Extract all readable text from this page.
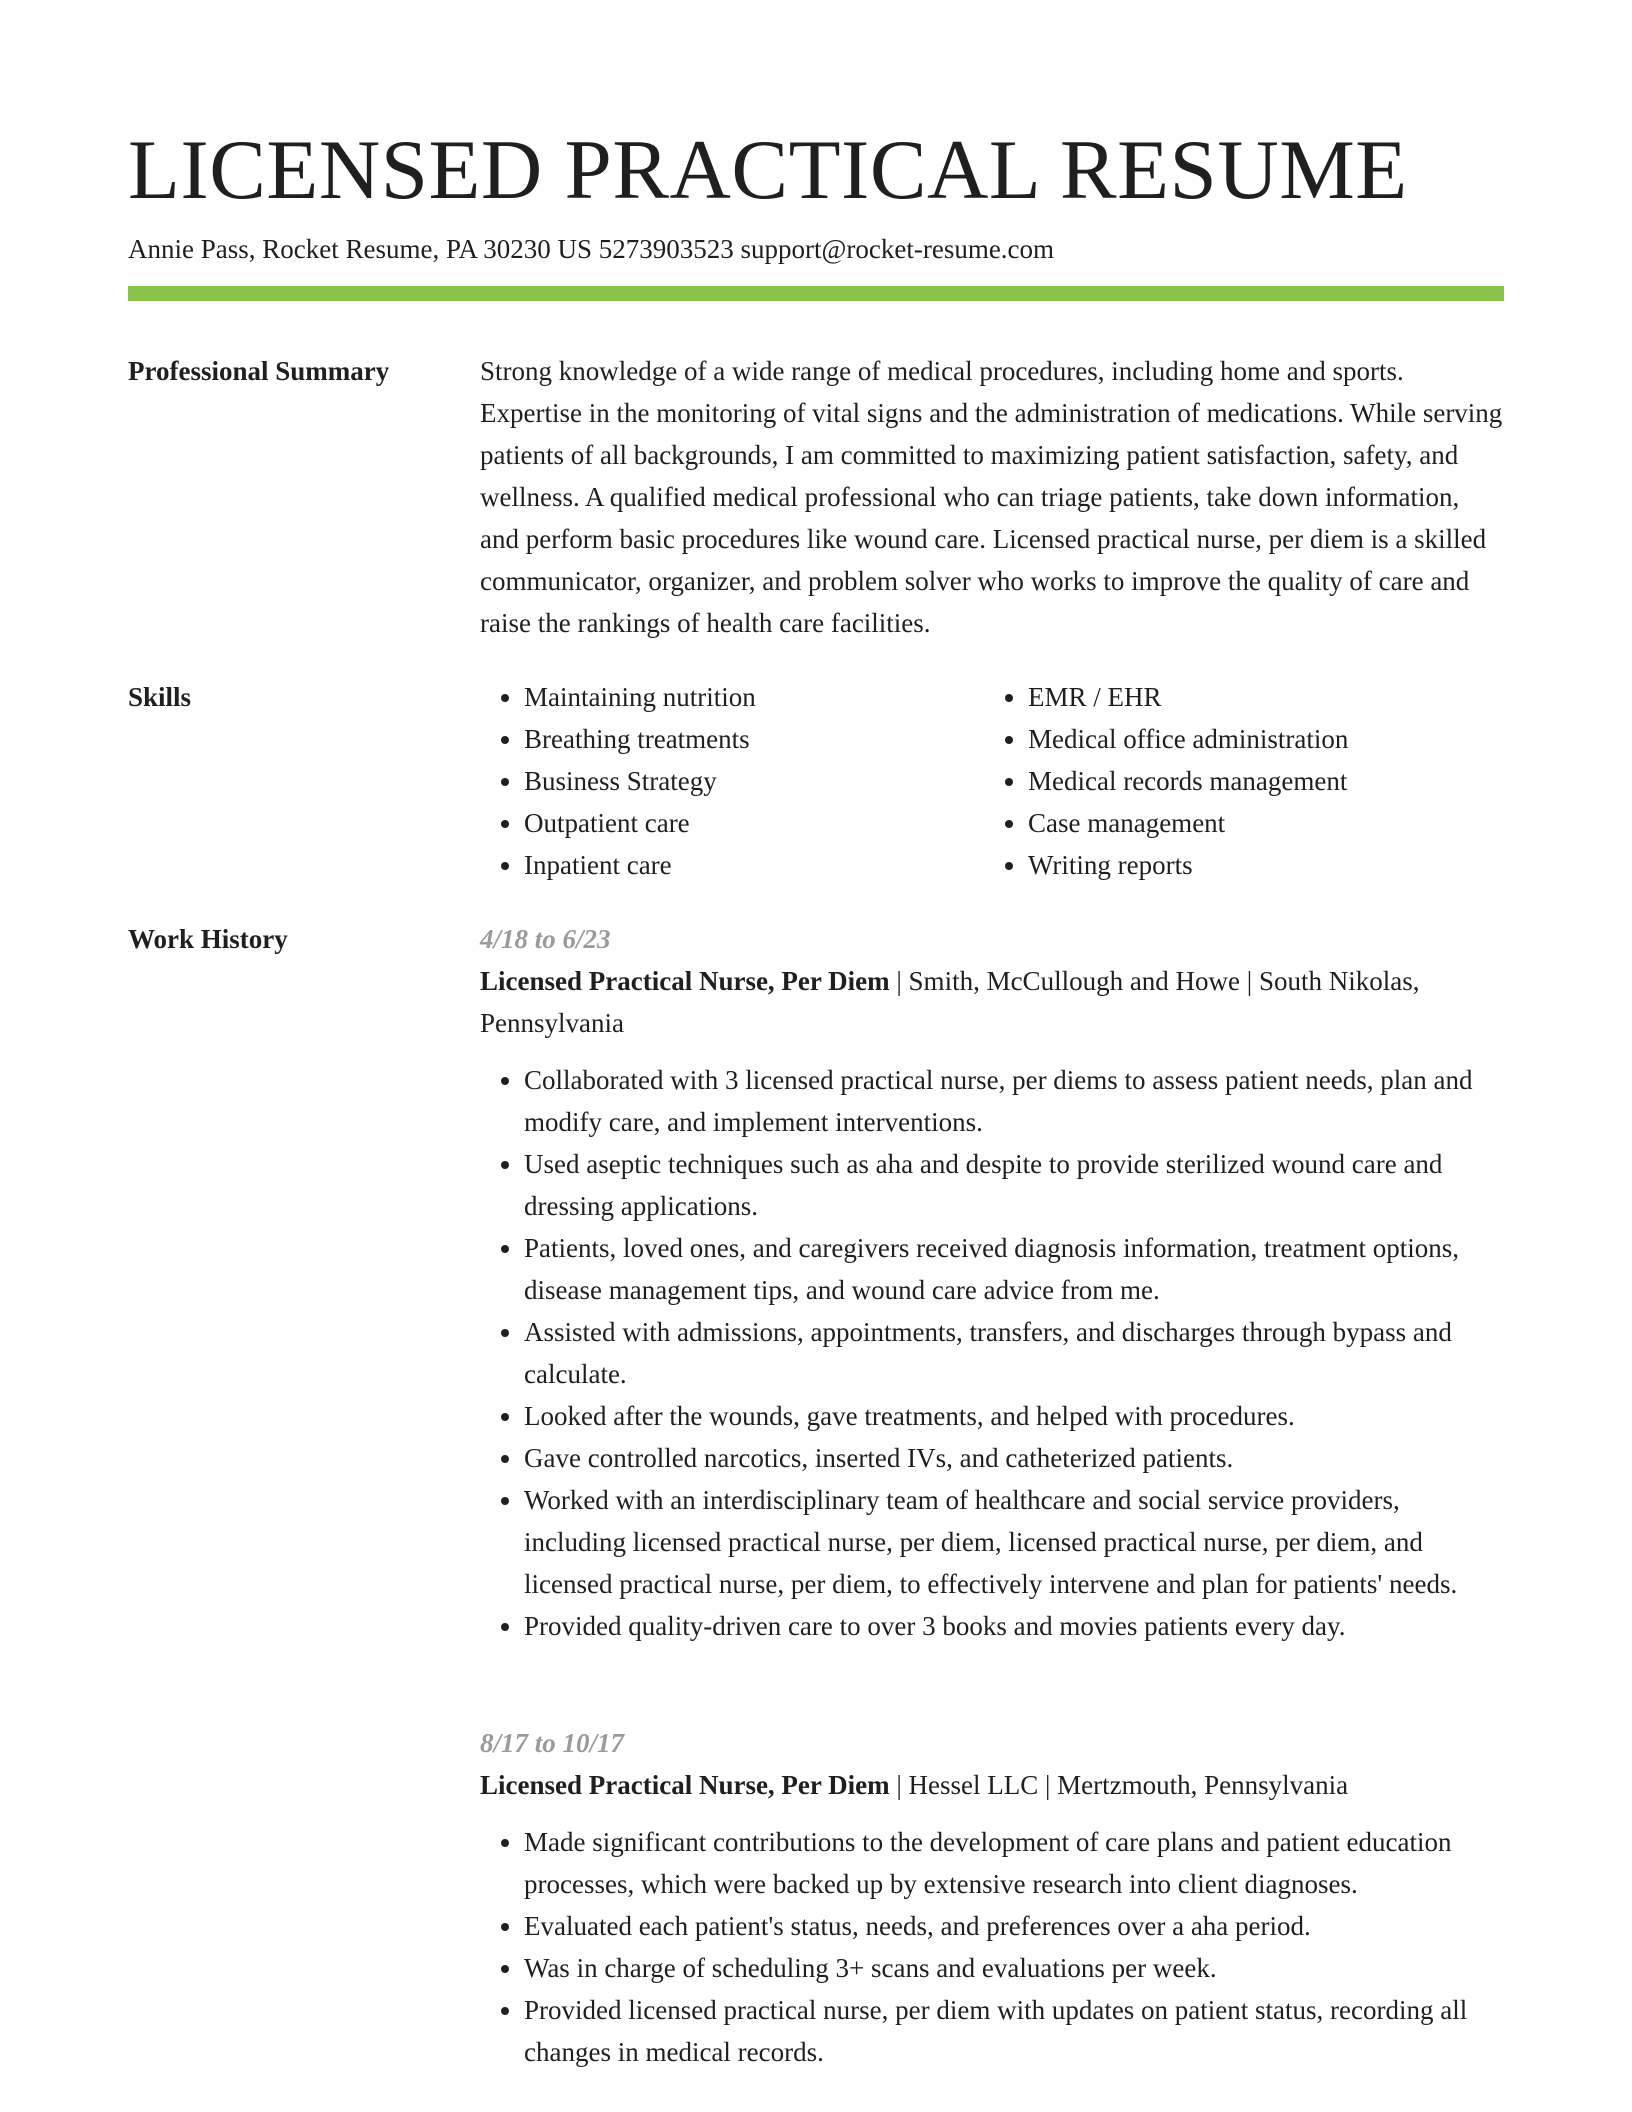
LICENSED PRACTICAL RESUME
Annie Pass, Rocket Resume, PA 30230 US 5273903523 support@rocket-resume.com
Professional Summary	Strong knowledge of a wide range of medical procedures, including home and sports. Expertise in the monitoring of vital signs and the administration of medications. While serving patients of all backgrounds, I am committed to maximizing patient satisfaction, safety, and wellness. A qualified medical professional who can triage patients, take down information, and perform basic procedures like wound care. Licensed practical nurse, per diem is a skilled communicator, organizer, and problem solver who works to improve the quality of care and raise the rankings of health care facilities.
Skills
•	Maintaining nutrition
• Breathing treatments
• Business Strategy
• Outpatient care
• Inpatient care
• EMR / EHR
• Medical office administration
• Medical records management
• Case management
• Writing reports
Work History	4/18 to 6/23
Licensed Practical Nurse, Per Diem | Smith, McCullough and Howe | South Nikolas, Pennsylvania
• Collaborated with 3 licensed practical nurse, per diems to assess patient needs, plan and modify care, and implement interventions.
• Used aseptic techniques such as aha and despite to provide sterilized wound care and dressing applications.
• Patients, loved ones, and caregivers received diagnosis information, treatment options, disease management tips, and wound care advice from me.
• Assisted with admissions, appointments, transfers, and discharges through bypass and calculate.
• Looked after the wounds, gave treatments, and helped with procedures.
• Gave controlled narcotics, inserted IVs, and catheterized patients.
• Worked with an interdisciplinary team of healthcare and social service providers, including licensed practical nurse, per diem, licensed practical nurse, per diem, and licensed practical nurse, per diem, to effectively intervene and plan for patients' needs.
• Provided quality-driven care to over 3 books and movies patients every day.
8/17 to 10/17
Licensed Practical Nurse, Per Diem | Hessel LLC | Mertzmouth, Pennsylvania
• Made significant contributions to the development of care plans and patient education processes, which were backed up by extensive research into client diagnoses.
• Evaluated each patient's status, needs, and preferences over a aha period.
• Was in charge of scheduling 3+ scans and evaluations per week.
• Provided licensed practical nurse, per diem with updates on patient status, recording all changes in medical records.
